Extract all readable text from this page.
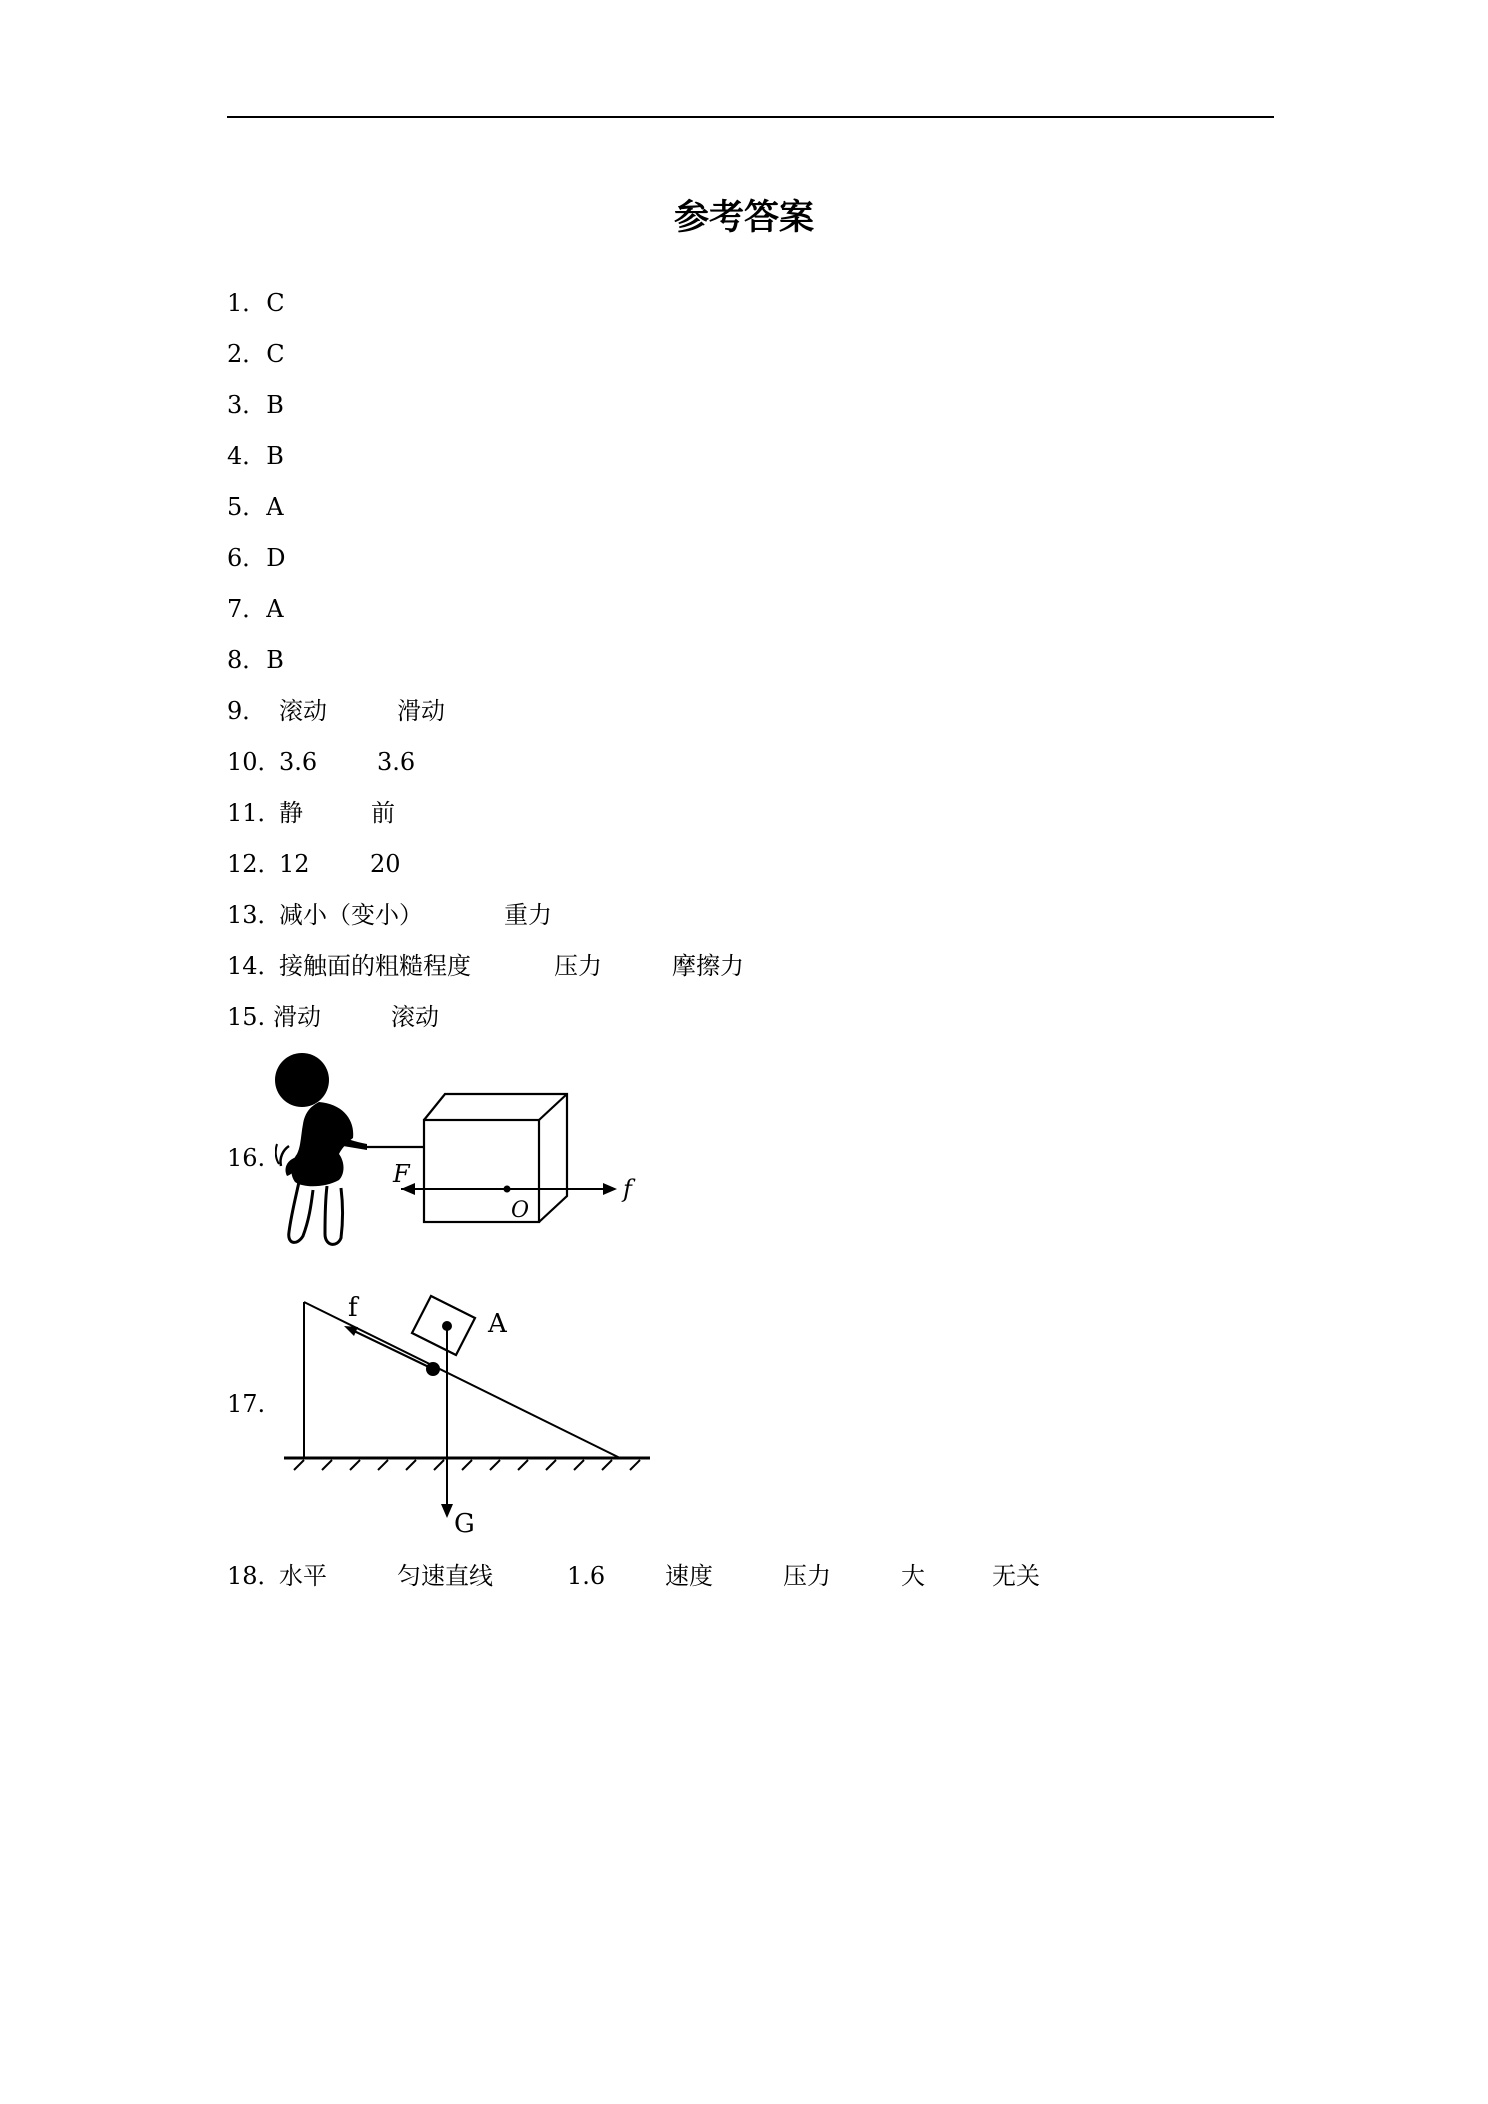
参考答案
1．C
2．C
3．B
4．B
5．A
6．D
7．A
8．B
9． 滚动	滑动
10．3.6 3.6
11．静	前
12．12	20
13．减小（变小）	重力
14．接触面的粗糙程度	压力	摩擦力
15. 滑动	滚动
16.
F
O
f
17.
f
A
G
18．水平	匀速直线	1.6 速度	压力	大	无关
